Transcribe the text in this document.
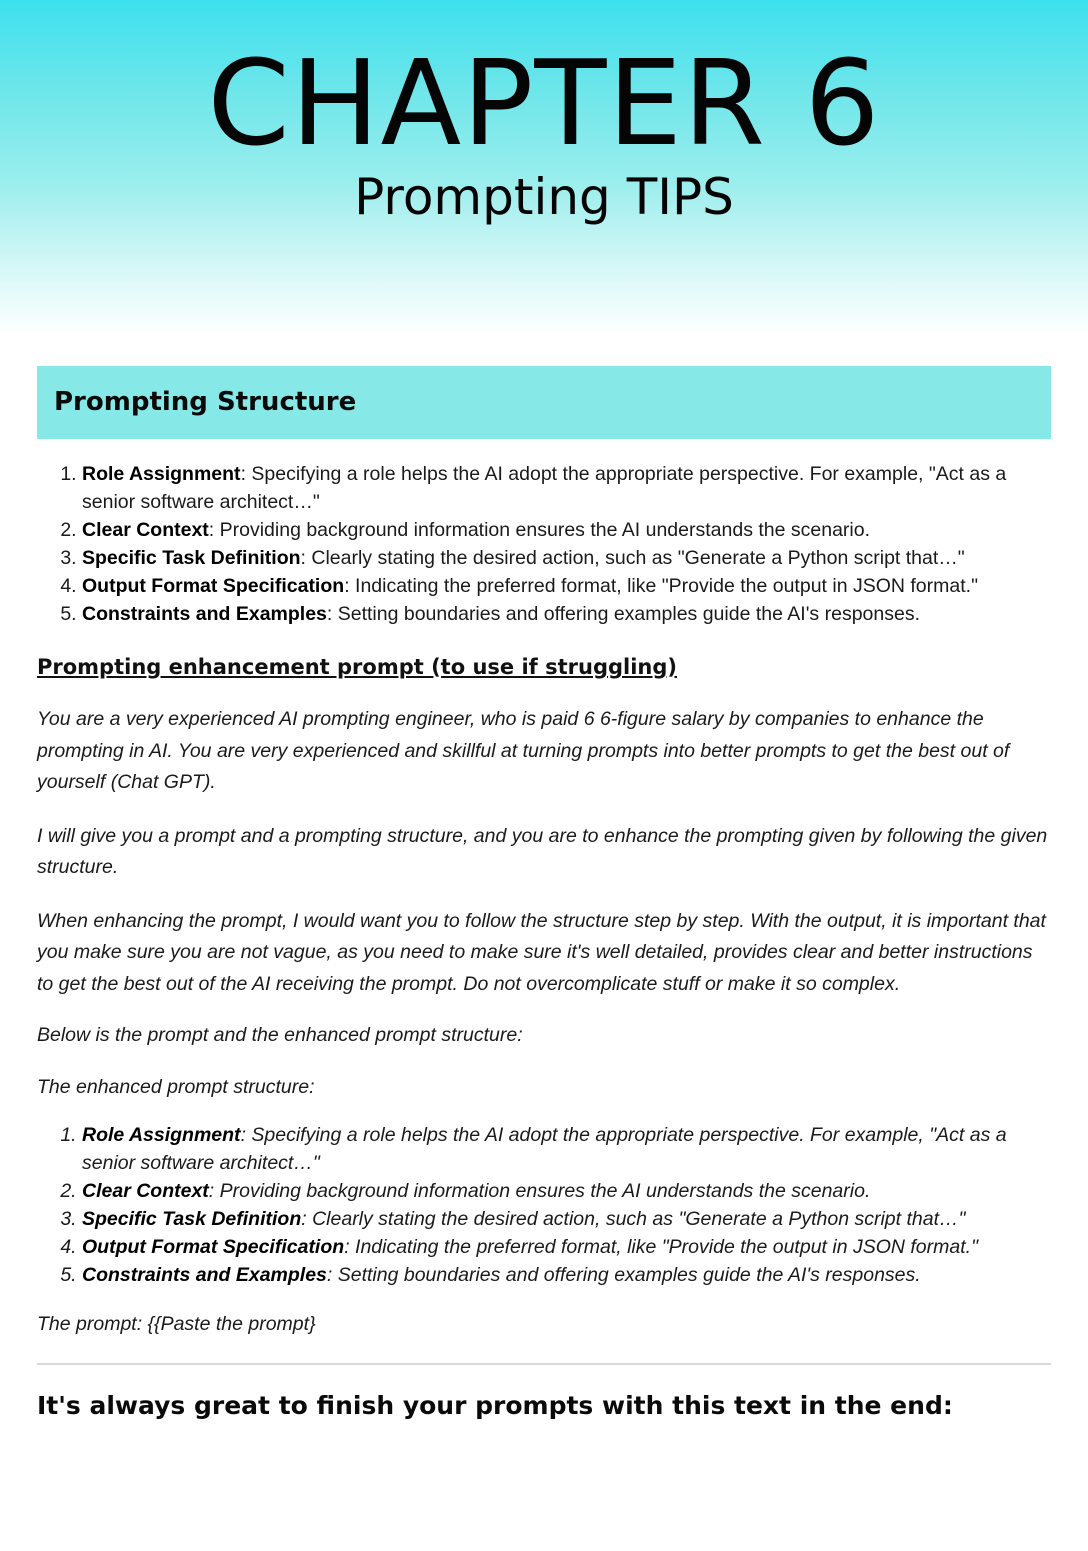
CHAPTER 6
Prompting TIPS
Prompting Structure
1. Role Assignment: Specifying a role helps the AI adopt the appropriate perspective. For example, "Act as a senior software architect…"
2. Clear Context: Providing background information ensures the AI understands the scenario.
3. Specific Task Definition: Clearly stating the desired action, such as "Generate a Python script that…"
4. Output Format Specification: Indicating the preferred format, like "Provide the output in JSON format."
5. Constraints and Examples: Setting boundaries and offering examples guide the AI's responses.
Prompting enhancement prompt (to use if struggling)

You are a very experienced AI prompting engineer, who is paid 6 6-figure salary by companies to enhance the prompting in AI. You are very experienced and skillful at turning prompts into better prompts to get the best out of yourself (Chat GPT).

I will give you a prompt and a prompting structure, and you are to enhance the prompting given by following the given structure.

When enhancing the prompt, I would want you to follow the structure step by step. With the output, it is important that you make sure you are not vague, as you need to make sure it's well detailed, provides clear and better instructions to get the best out of the AI receiving the prompt. Do not overcomplicate stuff or make it so complex.

Below is the prompt and the enhanced prompt structure:

The enhanced prompt structure:

1. Role Assignment: Specifying a role helps the AI adopt the appropriate perspective. For example, "Act as a senior software architect…"
2. Clear Context: Providing background information ensures the AI understands the scenario.
3. Specific Task Definition: Clearly stating the desired action, such as "Generate a Python script that…"
4. Output Format Specification: Indicating the preferred format, like "Provide the output in JSON format."
5. Constraints and Examples: Setting boundaries and offering examples guide the AI's responses.

The prompt: {{Paste the prompt}

It's always great to finish your prompts with this text in the end:
